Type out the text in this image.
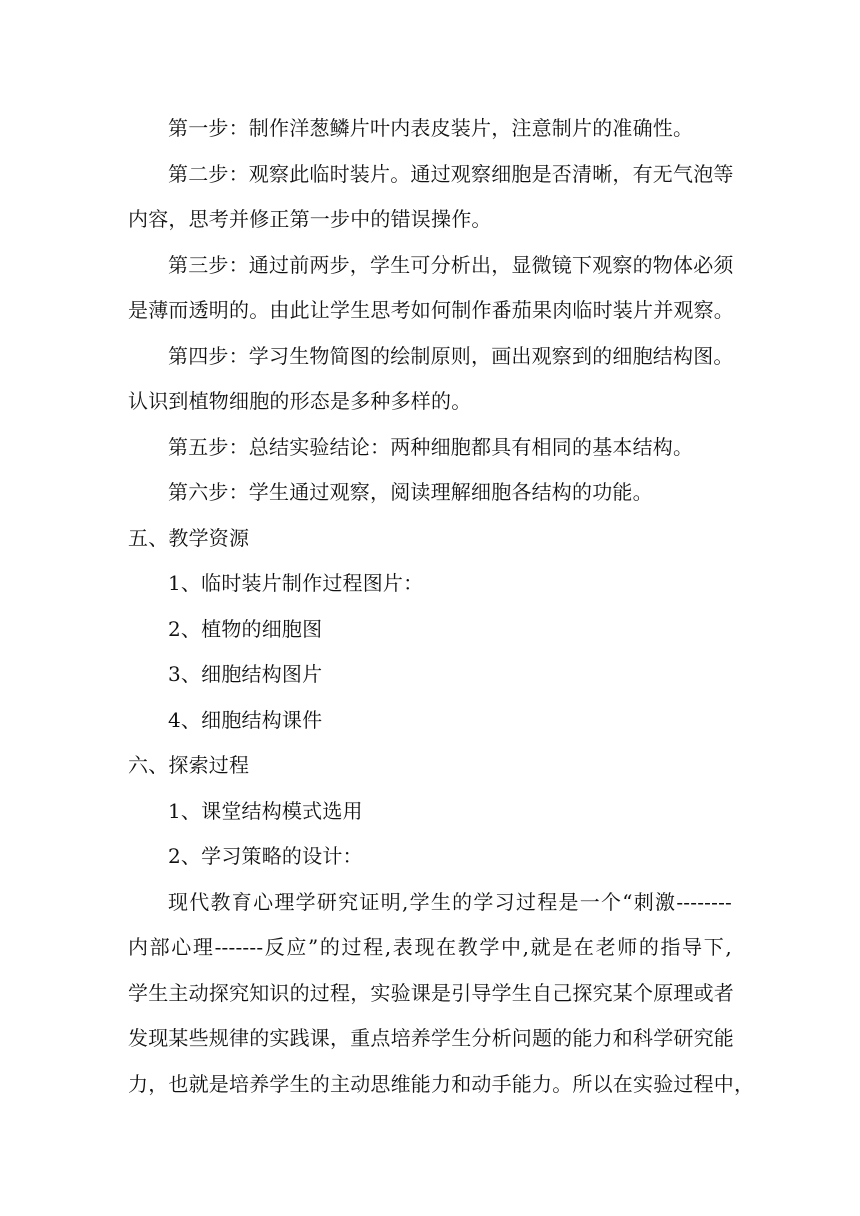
第一步：制作洋葱鳞片叶内表皮装片，注意制片的准确性。
第二步：观察此临时装片。通过观察细胞是否清晰，有无气泡等
内容，思考并修正第一步中的错误操作。
第三步：通过前两步，学生可分析出，显微镜下观察的物体必须
是薄而透明的。由此让学生思考如何制作番茄果肉临时装片并观察。
第四步：学习生物简图的绘制原则，画出观察到的细胞结构图。
认识到植物细胞的形态是多种多样的。
第五步：总结实验结论：两种细胞都具有相同的基本结构。
第六步：学生通过观察，阅读理解细胞各结构的功能。
五、教学资源
1、临时装片制作过程图片：
2、植物的细胞图
3、细胞结构图片
4、细胞结构课件
六、探索过程
1、课堂结构模式选用
2、学习策略的设计：
现代教育心理学研究证明,学生的学习过程是一个“刺激--------
内部心理-------反应”的过程,表现在教学中,就是在老师的指导下,
学生主动探究知识的过程，实验课是引导学生自己探究某个原理或者
发现某些规律的实践课，重点培养学生分析问题的能力和科学研究能
力，也就是培养学生的主动思维能力和动手能力。所以在实验过程中，
